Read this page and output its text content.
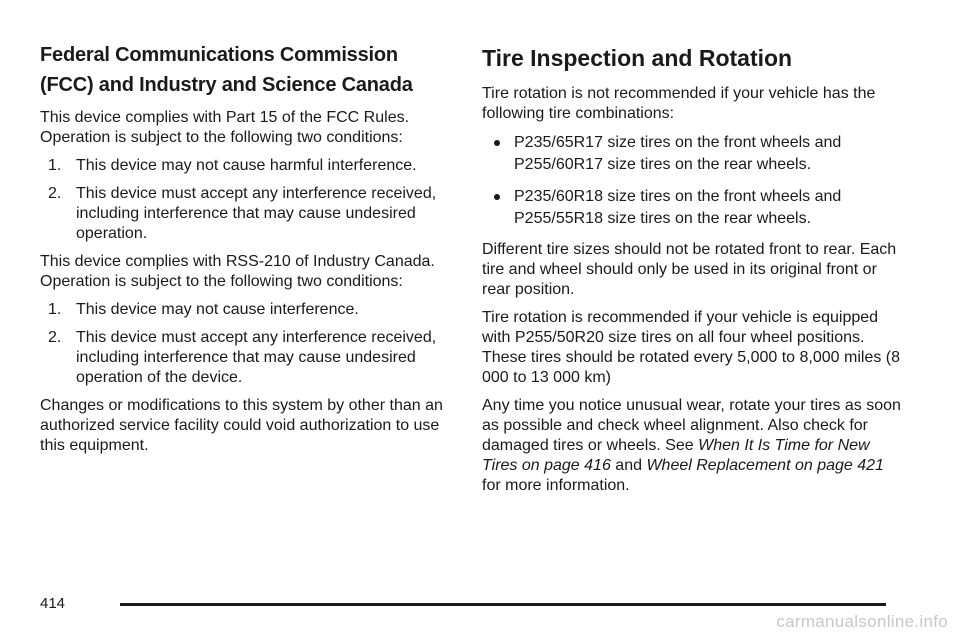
Federal Communications Commission (FCC) and Industry and Science Canada

This device complies with Part 15 of the FCC Rules. Operation is subject to the following two conditions:

1. This device may not cause harmful interference.
2. This device must accept any interference received, including interference that may cause undesired operation.

This device complies with RSS-210 of Industry Canada. Operation is subject to the following two conditions:

1. This device may not cause interference.
2. This device must accept any interference received, including interference that may cause undesired operation of the device.

Changes or modifications to this system by other than an authorized service facility could void authorization to use this equipment.

Tire Inspection and Rotation

Tire rotation is not recommended if your vehicle has the following tire combinations:

P235/65R17 size tires on the front wheels and P255/60R17 size tires on the rear wheels.
P235/60R18 size tires on the front wheels and P255/55R18 size tires on the rear wheels.

Different tire sizes should not be rotated front to rear. Each tire and wheel should only be used in its original front or rear position.

Tire rotation is recommended if your vehicle is equipped with P255/50R20 size tires on all four wheel positions. These tires should be rotated every 5,000 to 8,000 miles (8 000 to 13 000 km)

Any time you notice unusual wear, rotate your tires as soon as possible and check wheel alignment. Also check for damaged tires or wheels. See When It Is Time for New Tires on page 416 and Wheel Replacement on page 421 for more information.

414
carmanualsonline.info
